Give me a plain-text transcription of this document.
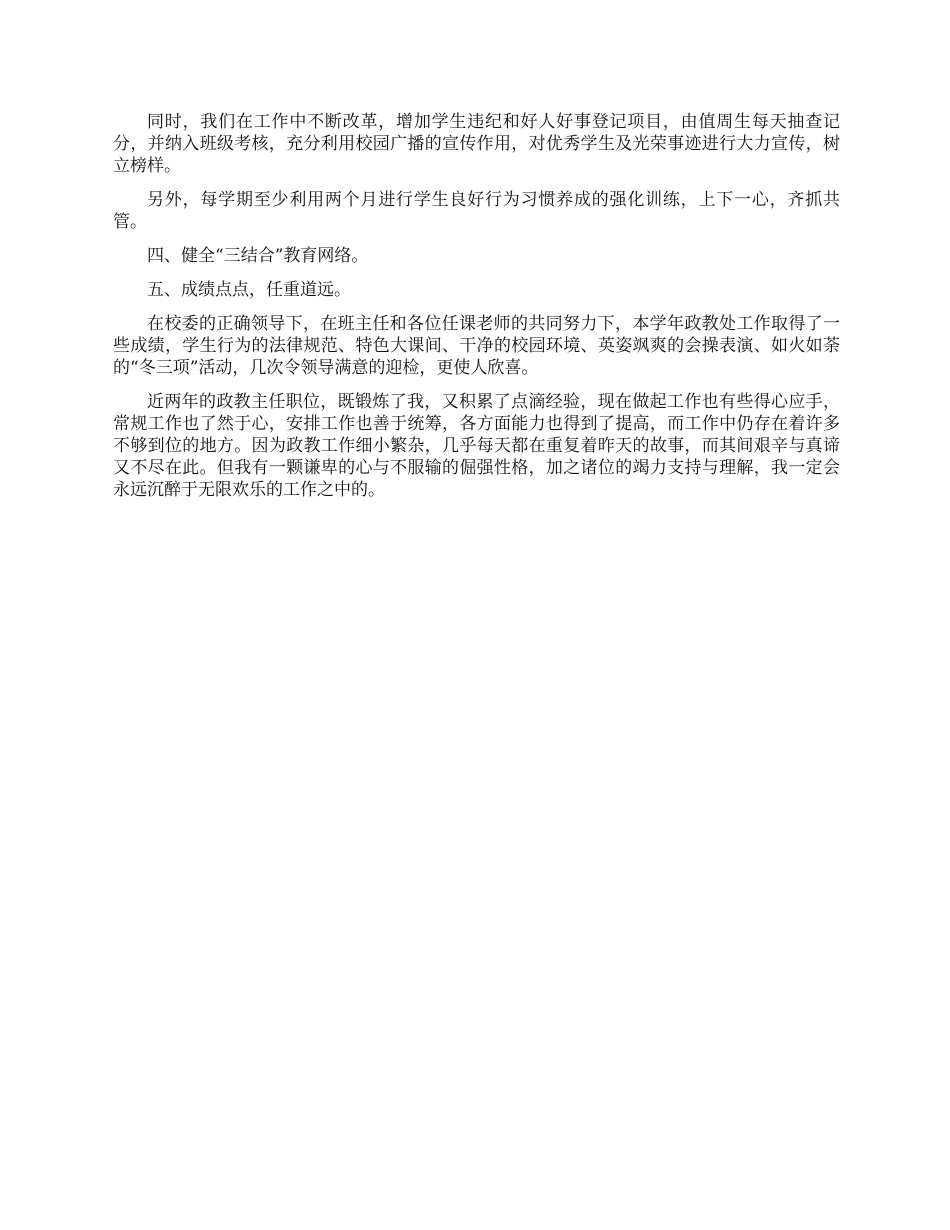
同时，我们在工作中不断改革，增加学生违纪和好人好事登记项目，由值周生每天抽查记分，并纳入班级考核，充分利用校园广播的宣传作用，对优秀学生及光荣事迹进行大力宣传，树立榜样。

另外，每学期至少利用两个月进行学生良好行为习惯养成的强化训练，上下一心，齐抓共管。

四、健全“三结合”教育网络。

五、成绩点点，任重道远。

在校委的正确领导下，在班主任和各位任课老师的共同努力下，本学年政教处工作取得了一些成绩，学生行为的法律规范、特色大课间、干净的校园环境、英姿飒爽的会操表演、如火如荼的“冬三项”活动，几次令领导满意的迎检，更使人欣喜。

近两年的政教主任职位，既锻炼了我，又积累了点滴经验，现在做起工作也有些得心应手，常规工作也了然于心，安排工作也善于统筹，各方面能力也得到了提高，而工作中仍存在着许多不够到位的地方。因为政教工作细小繁杂，几乎每天都在重复着昨天的故事，而其间艰辛与真谛又不尽在此。但我有一颗谦卑的心与不服输的倔强性格，加之诸位的竭力支持与理解，我一定会永远沉醉于无限欢乐的工作之中的。
